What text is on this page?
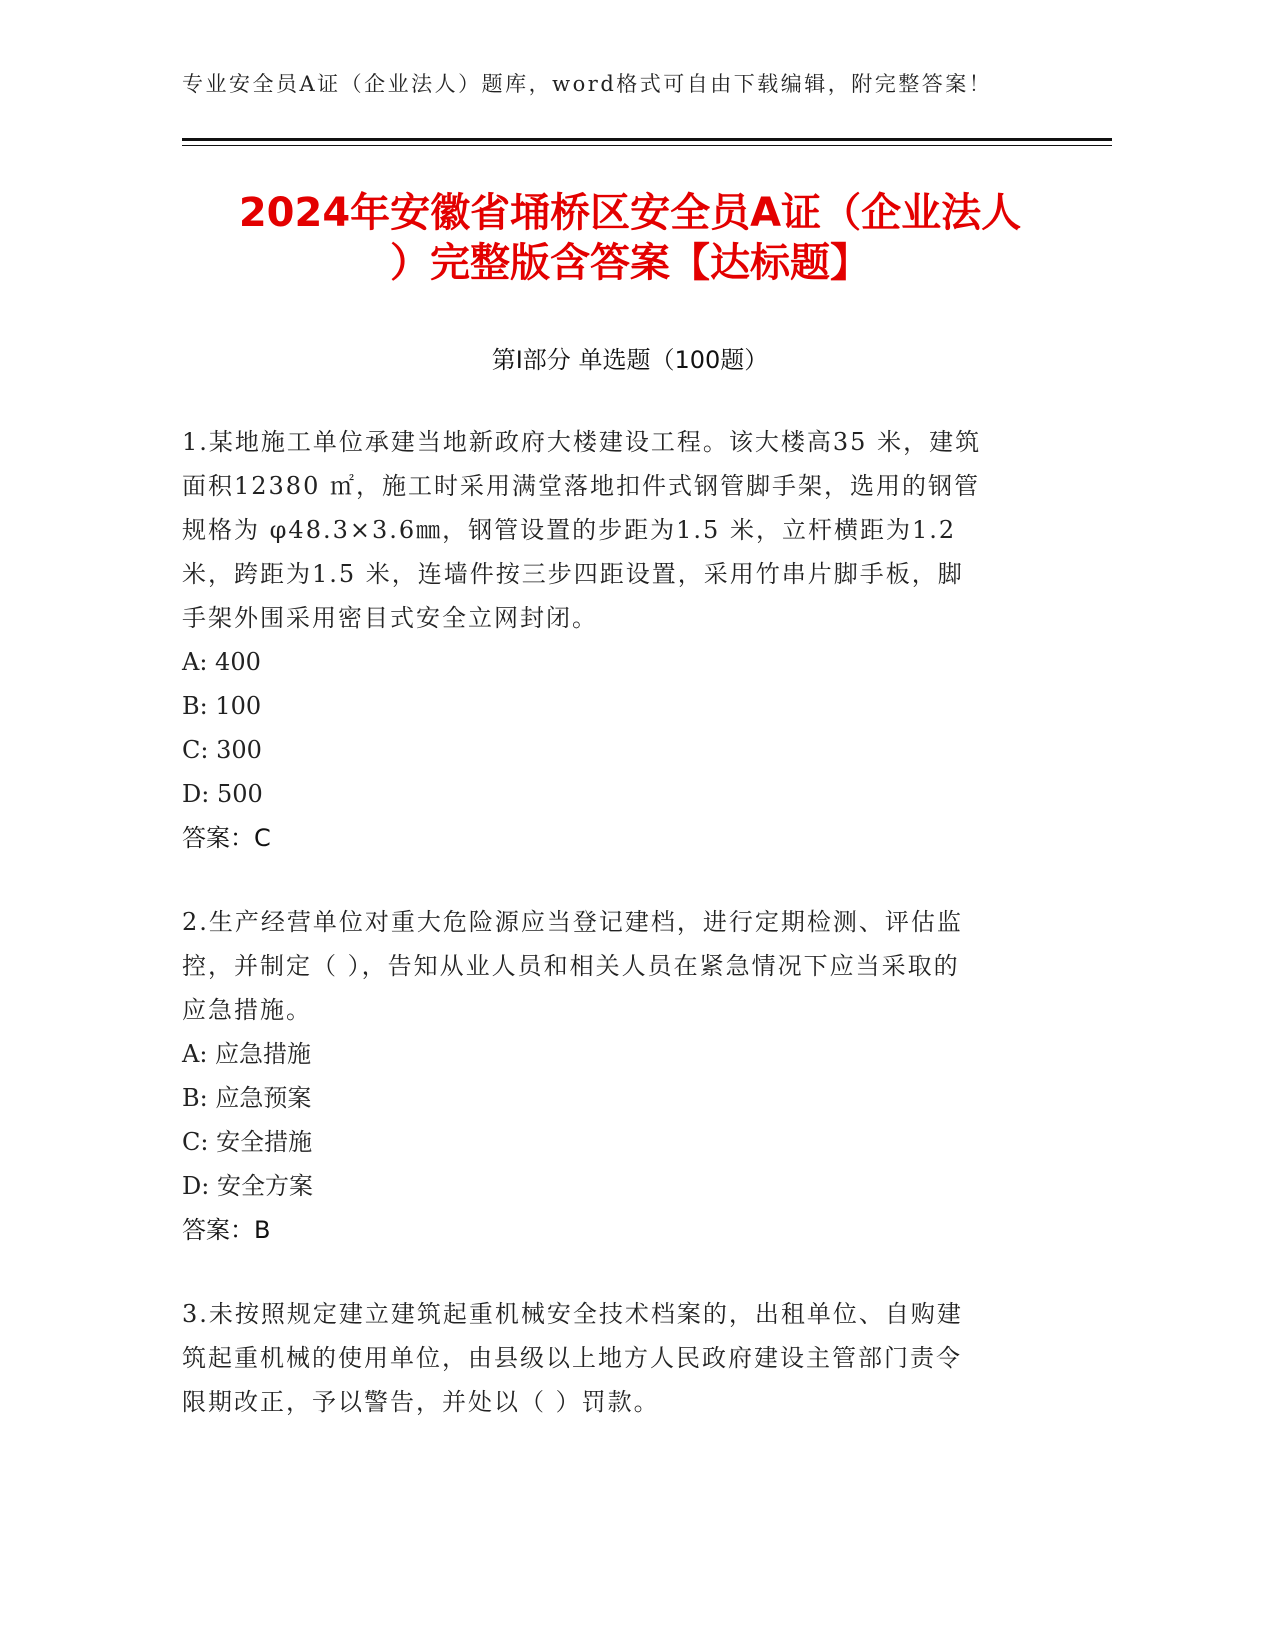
专业安全员A证（企业法人）题库，word格式可自由下载编辑，附完整答案！
2024年安徽省埇桥区安全员A证（企业法人
）完整版含答案【达标题】
第Ⅰ部分 单选题（100题）
1.某地施工单位承建当地新政府大楼建设工程。该大楼高35 米，建筑
面积12380 ㎡，施工时采用满堂落地扣件式钢管脚手架，选用的钢管
规格为 φ48.3×3.6㎜，钢管设置的步距为1.5 米，立杆横距为1.2
米，跨距为1.5 米，连墙件按三步四距设置，采用竹串片脚手板，脚
手架外围采用密目式安全立网封闭。
A: 400
B: 100
C: 300
D: 500
答案：C
2.生产经营单位对重大危险源应当登记建档，进行定期检测、评估监
控，并制定（ ），告知从业人员和相关人员在紧急情况下应当采取的
应急措施。
A: 应急措施
B: 应急预案
C: 安全措施
D: 安全方案
答案：B
3.未按照规定建立建筑起重机械安全技术档案的，出租单位、自购建
筑起重机械的使用单位，由县级以上地方人民政府建设主管部门责令
限期改正，予以警告，并处以（ ）罚款。
